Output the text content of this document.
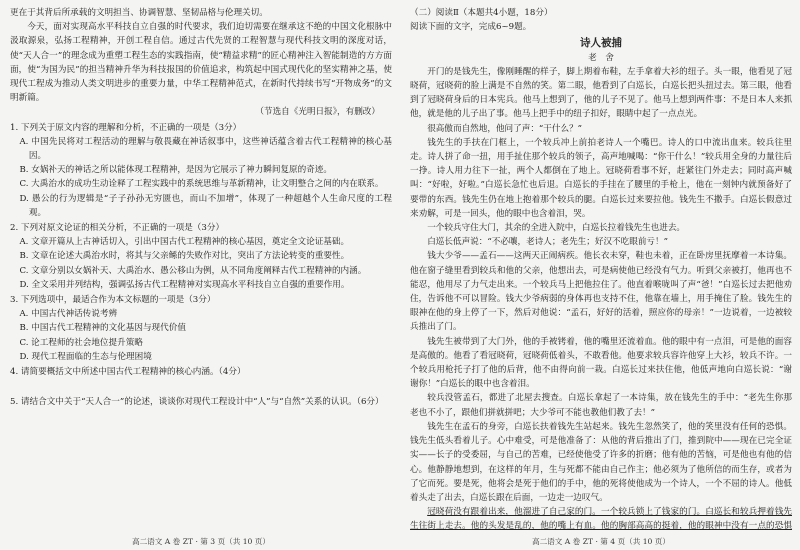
更在于其背后所承载的文明担当、协调智慧、坚韧品格与伦理关切。

今天，面对实现高水平科技自立自强的时代要求，我们迫切需要在继承这不绝的中国文化根脉中汲取源泉，弘扬工程精神，开创工程自信。通过古代先贤的工程智慧与现代科技文明的深度对话，使“天人合一”的理念成为重塑工程生态的实践指南，使“精益求精”的匠心精神注入智能制造的方方面面，使“为国为民”的担当精神升华为科技报国的价值追求，构筑起中国式现代化的坚实精神之基，使现代工程成为推动人类文明进步的重要力量，中华工程精神范式，在新时代持续书写“开物成务”的文明新篇。

（节选自《光明日报》，有删改）

1. 下列关于原文内容的理解和分析，不正确的一项是（3分）

A. 中国先民将对工程活动的理解与敬畏藏在神话叙事中，这些神话蕴含着古代工程精神的核心基因。

B. 女娲补天的神话之所以能体现工程精神，是因为它展示了神力瞬间复原的奇迹。

C. 大禹治水的成功生动诠释了工程实践中的系统思维与革新精神，让文明整合之间的内在联系。

D. 愚公的行为逻辑是“子子孙孙无穷匮也，而山不加增”，体现了一种超越个人生命尺度的工程观。

2. 下列对原文论证的相关分析，不正确的一项是（3分）

A. 文章开篇从上古神话切入，引出中国古代工程精神的核心基因，奠定全文论证基础。

B. 文章在论述大禹治水时，将其与父亲鲧的失败作对比，突出了方法论转变的重要性。

C. 文章分别以女娲补天、大禹治水、愚公移山为例，从不同角度阐释古代工程精神的内涵。

D. 全文采用并列结构，强调弘扬古代工程精神对实现高水平科技自立自强的重要作用。

3. 下列选项中，最适合作为本文标题的一项是（3分）

A. 中国古代神话传说考辨

B. 中国古代工程精神的文化基因与现代价值

C. 论工程师的社会地位提升策略

D. 现代工程面临的生态与伦理困境

4. 请简要概括文中所述中国古代工程精神的核心内涵。（4分）

5. 请结合文中关于“天人合一”的论述，谈谈你对现代工程设计中“人”与“自然”关系的认识。（6分）

高二语文 A 卷 ZT · 第 3 页（共 10 页）

（二）阅读Ⅱ（本题共4小题，18分）

阅读下面的文字，完成6~9题。

诗人被捕

老　舍

开门的是钱先生，像刚睡醒的样子，脚上期着布鞋，左手拿着大衫的纽子。头一眼，他看见了冠晓荷，冠晓荷的脸上满是不自然的笑。第二眼，他看到了白巡长，白巡长把头扭过去。第三眼，他看到了冠晓荷身后的日本宪兵。他马上想到了，他的儿子不见了。他马上想到两件事：不是日本人来抓他，就是他的儿子出了事。他马上把手中的纽子扣好，眼睛中起了一点点光。

很高傲而自然地，他问了声：“干什么？”

钱先生的手扶在门框上，一个较兵冲上前拍老诗人一个嘴巴。诗人的口中流出血来。较兵往里走。诗人拼了命一扭，用手扯住那个较兵的领子，高声地喊喝：“你干什么！”较兵用全身的力量往后一挣。诗人用力往下一扯，两个人都倒在了地上。冠晓荷看事不好，赶紧往门外走去；同时高声喊叫：“好啦，好啦。”白巡长急忙也后退。白巡长的手挂在了腰里的手枪上，他在一刻钟内就预备好了要带的东西。钱先生仍在地上抱着那个较兵的腿。白巡长过来要拉他。钱先生不撒手。白巡长假意过来劝解，可是一回头，他的眼中也含着泪，哭。

一个较兵守住大门，其余的全进入院中，白巡长拉着钱先生也进去。

白巡长低声说：“不必嚷，老诗人；老先生；好汉不吃眼前亏！”

钱大少爷——孟石——这两天正闹病疾。他长衣未穿，鞋也未着，正在卧房里抚摩着一本诗集。他在窗子缝里看到较兵和他的父亲，他想出去，可是病使他已经没有气力。听到父亲被打，他再也不能忍，他用尽了力气走出来。一个较兵马上把他拉住了。他直着喉咙叫了声“爸！”白巡长过去把他劝住，告诉他不可以冒险。钱大少爷病弱的身体再也支持不住，他靠在墙上，用手掩住了脸。钱先生的眼神在他的身上停了一下，然后对他说：“孟石，好好的活着，照应你的母亲！”一边说着，一边被较兵推出了门。

钱先生被带到了大门外，他的手被铐着，他的嘴里还流着血。他的眼中有一点泪，可是他的面容是高傲的。他看了看冠晓荷，冠晓荷低着头，不敢看他。他要求较兵容许他穿上大衫，较兵不许。一个较兵用枪托子打了他的后背，他不由得向前一栽。白巡长过来扶住他，他低声地向白巡长说：“谢谢你！”白巡长的眼中也含着泪。

较兵没管孟石，都进了北屋去搜查。白巡长拿起了一本诗集，放在钱先生的手中：“老先生你那老也不小了，跟他们拼就拼吧；大少爷可不能也教他们教了去！”

钱先生在孟石的身旁，白巡长扶着钱先生站起来。钱先生忽然笑了，他的笑里没有任何的恐惧。钱先生低头看着儿子。心中难受，可是他准备了：从他的背后推出了门，推到院中——现在已完全证实——长子的受委屈，与自己的苦难，已经使他受了许多的折磨；他有他的苦恼，可是他也有他的信心。他静静地想到，在这样的年月，生与死都不能由自己作主；他必须为了他所信的而生存，或者为了它而死。要是死，他将会是死于他们的手中，他的死将使他成为一个诗人，一个不屈的诗人。他低着头走了出去，白巡长跟在后面，一边走一边叹气。

冠晓荷没有跟着出来，他溜进了自己家的门。一个较兵锁上了钱家的门。白巡长和较兵押着钱先生往街上走去。他的头发是乱的，他的嘴上有血。他的胸部高高的挺着，他的眼神中没有一点的恐惧

高二语文 A 卷 ZT · 第 4 页（共 10 页）
